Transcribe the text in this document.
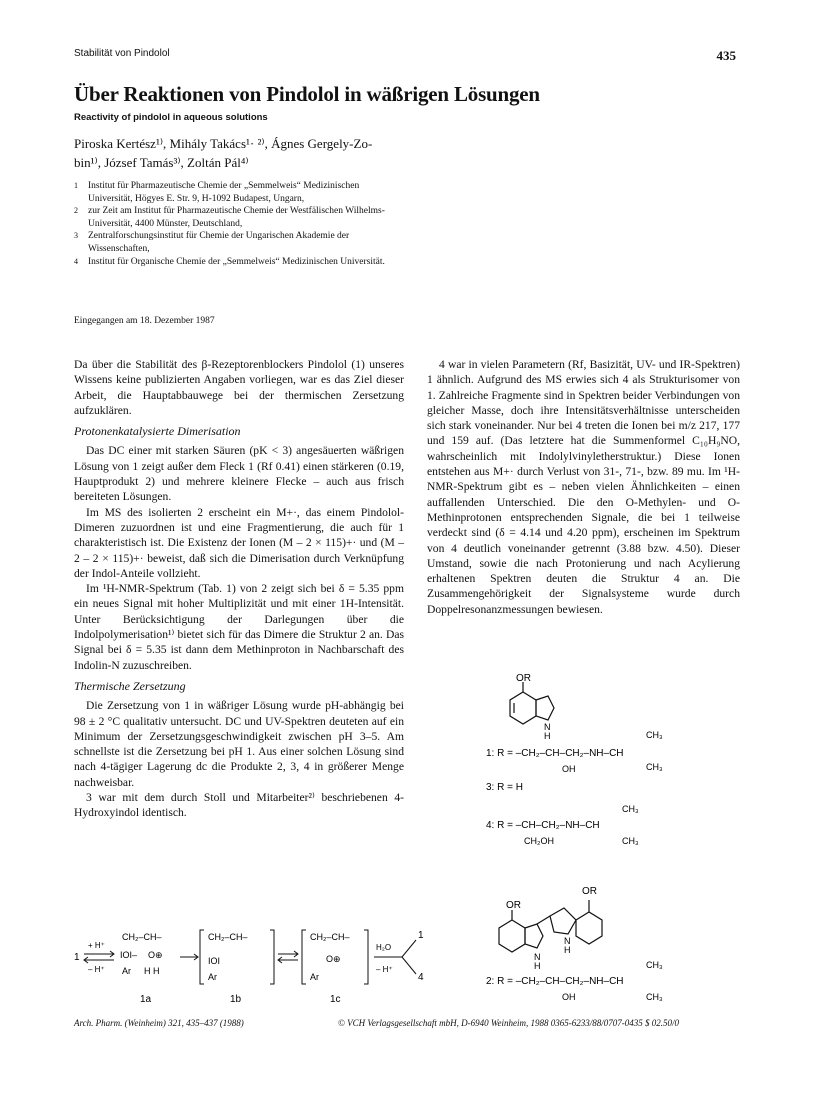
Stabilität von Pindolol	435
Über Reaktionen von Pindolol in wäßrigen Lösungen
Reactivity of pindolol in aqueous solutions
Piroska Kertész¹⁾, Mihály Takács¹· ²⁾, Ágnes Gergely-Zo-
bin¹⁾, József Tamás³⁾, Zoltán Pál⁴⁾
1	Institut für Pharmazeutische Chemie der „Semmelweis“ Medizinischen Universität, Högyes E. Str. 9, H-1092 Budapest, Ungarn,
2	zur Zeit am Institut für Pharmazeutische Chemie der Westfälischen Wilhelms-Universität, 4400 Münster, Deutschland,
3	Zentralforschungsinstitut für Chemie der Ungarischen Akademie der Wissenschaften,
4	Institut für Organische Chemie der „Semmelweis“ Medizinischen Universität.
Eingegangen am 18. Dezember 1987

Da über die Stabilität des β-Rezeptorenblockers Pindolol (1) unseres Wissens keine publizierten Angaben vorliegen, war es das Ziel dieser Arbeit, die Hauptabbauwege bei der thermischen Zersetzung aufzuklären.

Protonenkatalysierte Dimerisation

Das DC einer mit starken Säuren (pK < 3) angesäuerten wäßrigen Lösung von 1 zeigt außer dem Fleck 1 (Rf 0.41) einen stärkeren (0.19, Hauptprodukt 2) und mehrere kleinere Flecke – auch aus frisch bereiteten Lösungen.

Im MS des isolierten 2 erscheint ein M+·, das einem Pindolol-Dimeren zuzuordnen ist und eine Fragmentierung, die auch für 1 charakteristisch ist. Die Existenz der Ionen (M – 2 × 115)+· und (M – 2 – 2 × 115)+· beweist, daß sich die Dimerisation durch Verknüpfung der Indol-Anteile vollzieht.

Im ¹H-NMR-Spektrum (Tab. 1) von 2 zeigt sich bei δ = 5.35 ppm ein neues Signal mit hoher Multiplizität und mit einer 1H-Intensität. Unter Berücksichtigung der Darlegungen über die Indolpolymerisation¹⁾ bietet sich für das Dimere die Struktur 2 an. Das Signal bei δ = 5.35 ist dann dem Methinproton in Nachbarschaft des Indolin-N zuzuschreiben.

Thermische Zersetzung

Die Zersetzung von 1 in wäßriger Lösung wurde pH-abhängig bei 98 ± 2 °C qualitativ untersucht. DC und UV-Spektren deuteten auf ein Minimum der Zersetzungsgeschwindigkeit zwischen pH 3–5. Am schnellste ist die Zersetzung bei pH 1. Aus einer solchen Lösung sind nach 4-tägiger Lagerung dc die Produkte 2, 3, 4 in größerer Menge nachweisbar.

3 war mit dem durch Stoll und Mitarbeiter²⁾ beschriebenen 4-Hydroxyindol identisch.

4 war in vielen Parametern (Rf, Basizität, UV- und IR-Spektren) 1 ähnlich. Aufgrund des MS erwies sich 4 als Strukturisomer von 1. Zahlreiche Fragmente sind in Spektren beider Verbindungen von gleicher Masse, doch ihre Intensitätsverhältnisse unterscheiden sich stark voneinander. Nur bei 4 treten die Ionen bei m/z 217, 177 und 159 auf. (Das letztere hat die Summenformel C₁₀H₉NO, wahrscheinlich mit Indolylvinyletherstruktur.) Diese Ionen entstehen aus M+· durch Verlust von 31-, 71-, bzw. 89 mu. Im ¹H-NMR-Spektrum gibt es – neben vielen Ähnlichkeiten – einen auffallenden Unterschied. Die den O-Methylen- und O-Methinprotonen entsprechenden Signale, die bei 1 teilweise verdeckt sind (δ = 4.14 und 4.20 ppm), erscheinen im Spektrum von 4 deutlich voneinander getrennt (3.88 bzw. 4.50). Dieser Umstand, sowie die nach Protonierung und nach Acylierung erhaltenen Spektren deuten die Struktur 4 an. Die Zusammengehörigkeit der Signalsysteme wurde durch Doppelresonanzmessungen bewiesen.

OR
N
H	CH₃
1: R = –CH₂–CH–CH₂–NH–CH
OH	CH₃
3: R = H
CH₃
4: R = –CH–CH₂–NH–CH
CH₂OH	CH₃
OR
OR
N
H
N
H
CH₃
2: R = –CH₂–CH–CH₂–NH–CH
OH	CH₃
1
+ H⁺
– H⁺
CH₂–CH–
IOI– O⊕
Ar H H
CH₂–CH–
IOI
Ar
CH₂–CH–
O⊕
Ar
H₂O
– H⁺
1
4
1a	1b	1c
Arch. Pharm. (Weinheim) 321, 435–437 (1988)	© VCH Verlagsgesellschaft mbH, D-6940 Weinheim, 1988 0365-6233/88/0707-0435 $ 02.50/0
